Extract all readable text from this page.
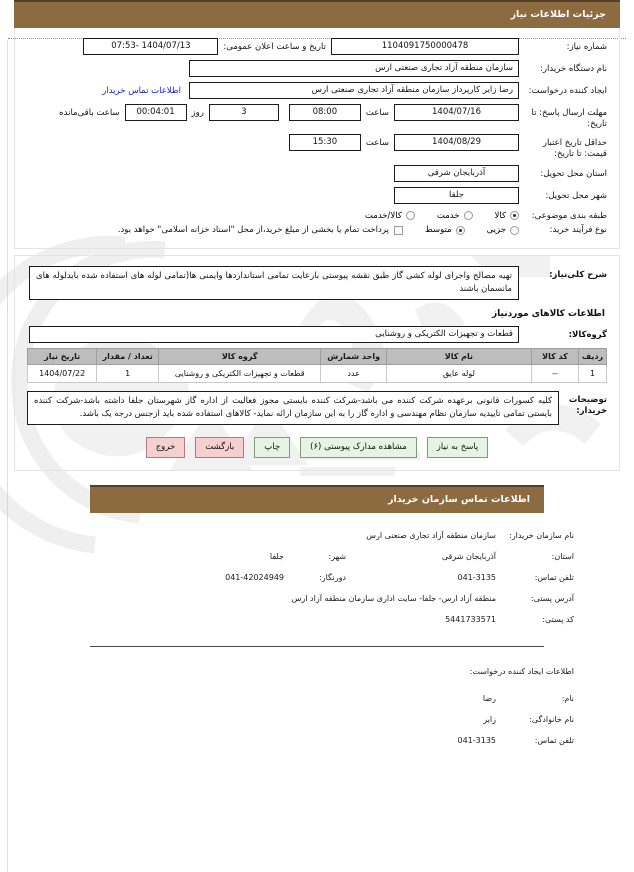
جزئیات اطلاعات نیاز
شماره نیاز:
1104091750000478
تاریخ و ساعت اعلان عمومی:
1404/07/13 -07:53
نام دستگاه خریدار:
سازمان منطقه آزاد تجاری صنعتی ارس
ایجاد کننده درخواست:
رضا زایر کارپرداز سازمان منطقه آزاد تجاری صنعتی ارس
اطلاعات تماس خریدار
مهلت ارسال پاسخ: تا تاریخ:
1404/07/16
ساعت
08:00
3
روز
00:04:01
ساعت باقی‌مانده
حداقل تاریخ اعتبار قیمت: تا تاریخ:
1404/08/29
ساعت
15:30
استان محل تحویل:
آذربایجان شرقی
شهر محل تحویل:
جلفا
طبقه بندی موضوعی:
کالا
خدمت
کالا/خدمت
نوع فرآیند خرید:
جزیی
متوسط
پرداخت تمام یا بخشی از مبلغ خرید،از محل "اسناد خزانه اسلامی" خواهد بود.
شرح کلی‌نیاز:
تهیه مصالح واجرای لوله کشی گاز طبق نقشه پیوستی بارعایت تمامی استانداردها وایمنی ها(تمامی لوله های استفاده شده بایدلوله های مانسمان باشند
اطلاعات کالاهای موردنیاز
گروه‌کالا:
قطعات و تجهیزات الکتریکی و روشنایی
ردیف	کد کالا	نام کالا	واحد شمارش	گروه کالا	تعداد / مقدار	تاریخ نیاز
1	--	لوله عایق	عدد	قطعات و تجهیزات الکتریکی و روشنایی	1	1404/07/22
توضیحات خریدار:
کلیه کسورات قانونی برعهده شرکت کننده می باشد-شرکت کننده بایستی مجوز فعالیت از اداره گاز شهرستان جلفا داشته باشد-شرکت کننده بایستی تمامی تاییدیه سازمان نظام مهندسی و اداره گاز را به این سازمان ارائه نماید- کالاهای استفاده شده باید ازجنس درجه یک باشد.
پاسخ به نیاز
مشاهده مدارک پیوستی (۶)
چاپ
بازگشت
خروج
اطلاعات تماس سازمان خریدار
نام سازمان خریدار:
سازمان منطقه آزاد تجاری صنعتی ارس
استان:
آذربایجان شرقی
شهر:
جلفا
تلفن تماس:
041-3135
دورنگار:
041-42024949
آدرس پستی:
منطقه آزاد ارس- جلفا- سایت اداری سازمان منطقه آزاد ارس
کد پستی:
5441733571
اطلاعات ایجاد کننده درخواست:
نام:
رضا
نام خانوادگی:
زایر
تلفن تماس:
041-3135
